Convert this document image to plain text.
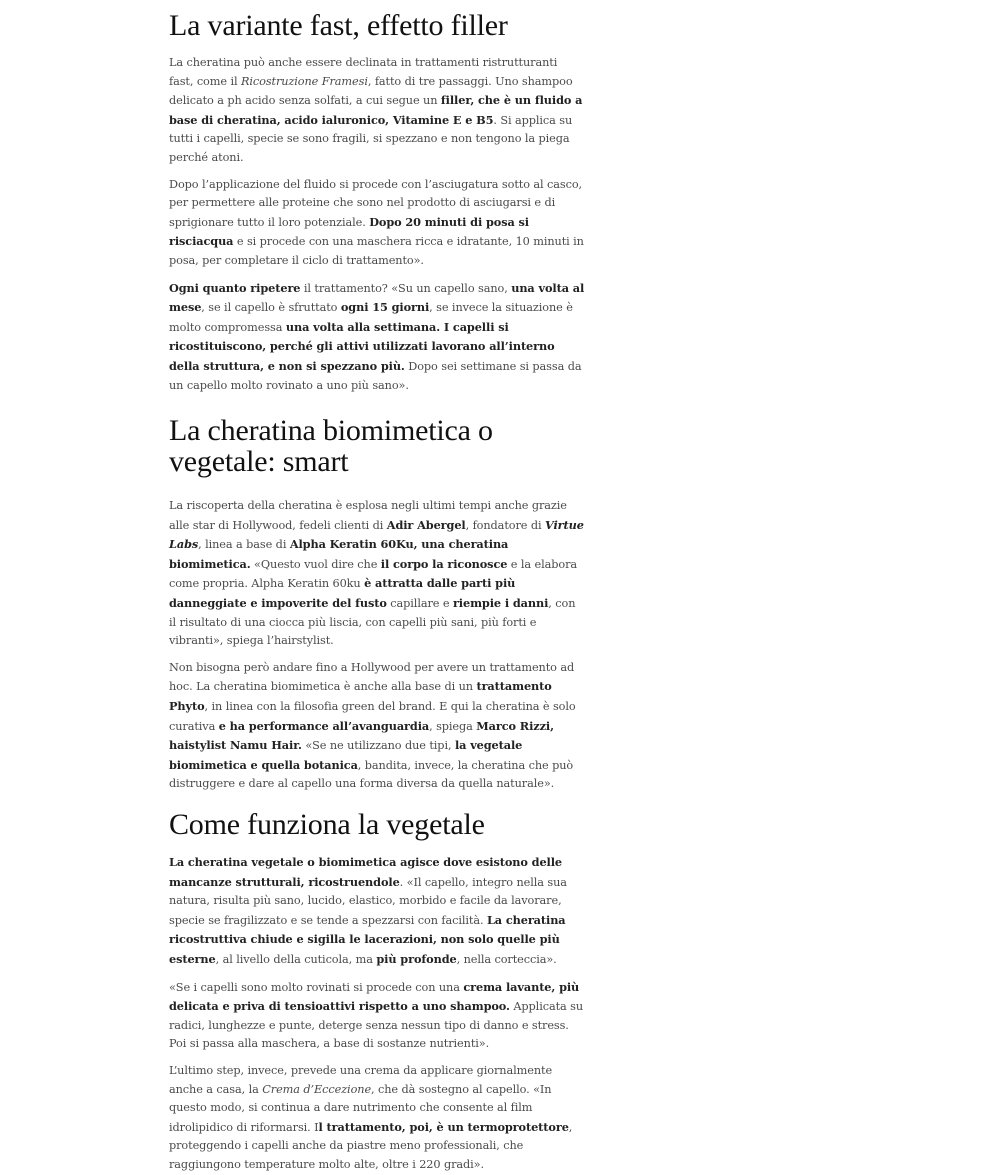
La variante fast, effetto filler

La cheratina può anche essere declinata in trattamenti ristrutturanti fast, come il Ricostruzione Framesi, fatto di tre passaggi. Uno shampoo delicato a ph acido senza solfati, a cui segue un filler, che è un fluido a base di cheratina, acido ialuronico, Vitamine E e B5. Si applica su tutti i capelli, specie se sono fragili, si spezzano e non tengono la piega perché atoni.

Dopo l’applicazione del fluido si procede con l’asciugatura sotto al casco, per permettere alle proteine che sono nel prodotto di asciugarsi e di sprigionare tutto il loro potenziale. Dopo 20 minuti di posa si risciacqua e si procede con una maschera ricca e idratante, 10 minuti in posa, per completare il ciclo di trattamento».

Ogni quanto ripetere il trattamento? «Su un capello sano, una volta al mese, se il capello è sfruttato ogni 15 giorni, se invece la situazione è molto compromessa una volta alla settimana. I capelli si ricostituiscono, perché gli attivi utilizzati lavorano all’interno della struttura, e non si spezzano più. Dopo sei settimane si passa da un capello molto rovinato a uno più sano».

La cheratina biomimetica o vegetale: smart

La riscoperta della cheratina è esplosa negli ultimi tempi anche grazie alle star di Hollywood, fedeli clienti di Adir Abergel, fondatore di Virtue Labs, linea a base di Alpha Keratin 60Ku, una cheratina biomimetica. «Questo vuol dire che il corpo la riconosce e la elabora come propria. Alpha Keratin 60ku è attratta dalle parti più danneggiate e impoverite del fusto capillare e riempie i danni, con il risultato di una ciocca più liscia, con capelli più sani, più forti e vibranti», spiega l’hairstylist.

Non bisogna però andare fino a Hollywood per avere un trattamento ad hoc. La cheratina biomimetica è anche alla base di un trattamento Phyto, in linea con la filosofia green del brand. E qui la cheratina è solo curativa e ha performance all’avanguardia, spiega Marco Rizzi, haistylist Namu Hair. «Se ne utilizzano due tipi, la vegetale biomimetica e quella botanica, bandita, invece, la cheratina che può distruggere e dare al capello una forma diversa da quella naturale».

Come funziona la vegetale

La cheratina vegetale o biomimetica agisce dove esistono delle mancanze strutturali, ricostruendole. «Il capello, integro nella sua natura, risulta più sano, lucido, elastico, morbido e facile da lavorare, specie se fragilizzato e se tende a spezzarsi con facilità. La cheratina ricostruttiva chiude e sigilla le lacerazioni, non solo quelle più esterne, al livello della cuticola, ma più profonde, nella corteccia».

«Se i capelli sono molto rovinati si procede con una crema lavante, più delicata e priva di tensioattivi rispetto a uno shampoo. Applicata su radici, lunghezze e punte, deterge senza nessun tipo di danno e stress. Poi si passa alla maschera, a base di sostanze nutrienti».

L’ultimo step, invece, prevede una crema da applicare giornalmente anche a casa, la Crema d’Eccezione, che dà sostegno al capello. «In questo modo, si continua a dare nutrimento che consente al film idrolipidico di riformarsi. Il trattamento, poi, è un termoprotettore, proteggendo i capelli anche da piastre meno professionali, che raggiungono temperature molto alte, oltre i 220 gradi».
